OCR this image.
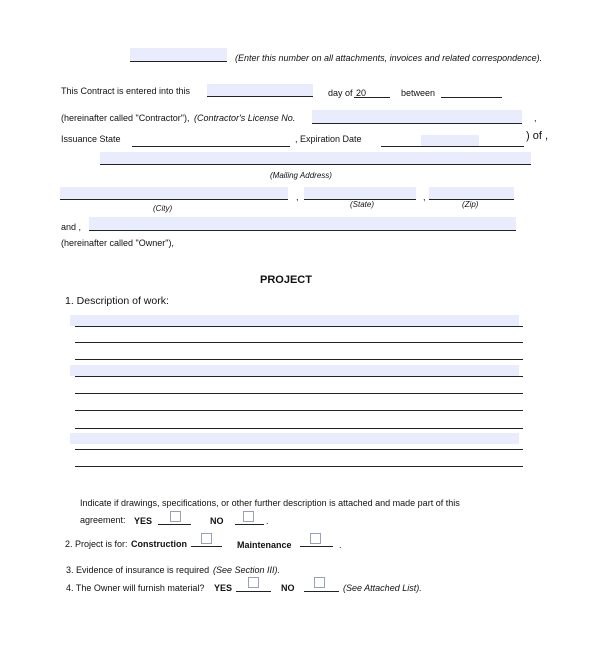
(Enter this number on all attachments, invoices and related correspondence).
This Contract is entered into this	day of 20	between
(hereinafter called "Contractor"), (Contractor's License No.	,
Issuance State	, Expiration Date	) of ,
(Mailing Address)
,	,
(City)	(State)	(Zip)
and ,
(hereinafter called "Owner"),
PROJECT
1. Description of work:
Indicate if drawings, specifications, or other further description is attached and made part of this
agreement: YES	NO	.
2. Project is for: Construction	Maintenance	.
3. Evidence of insurance is required (See Section III).
4. The Owner will furnish material? YES	NO	(See Attached List).
